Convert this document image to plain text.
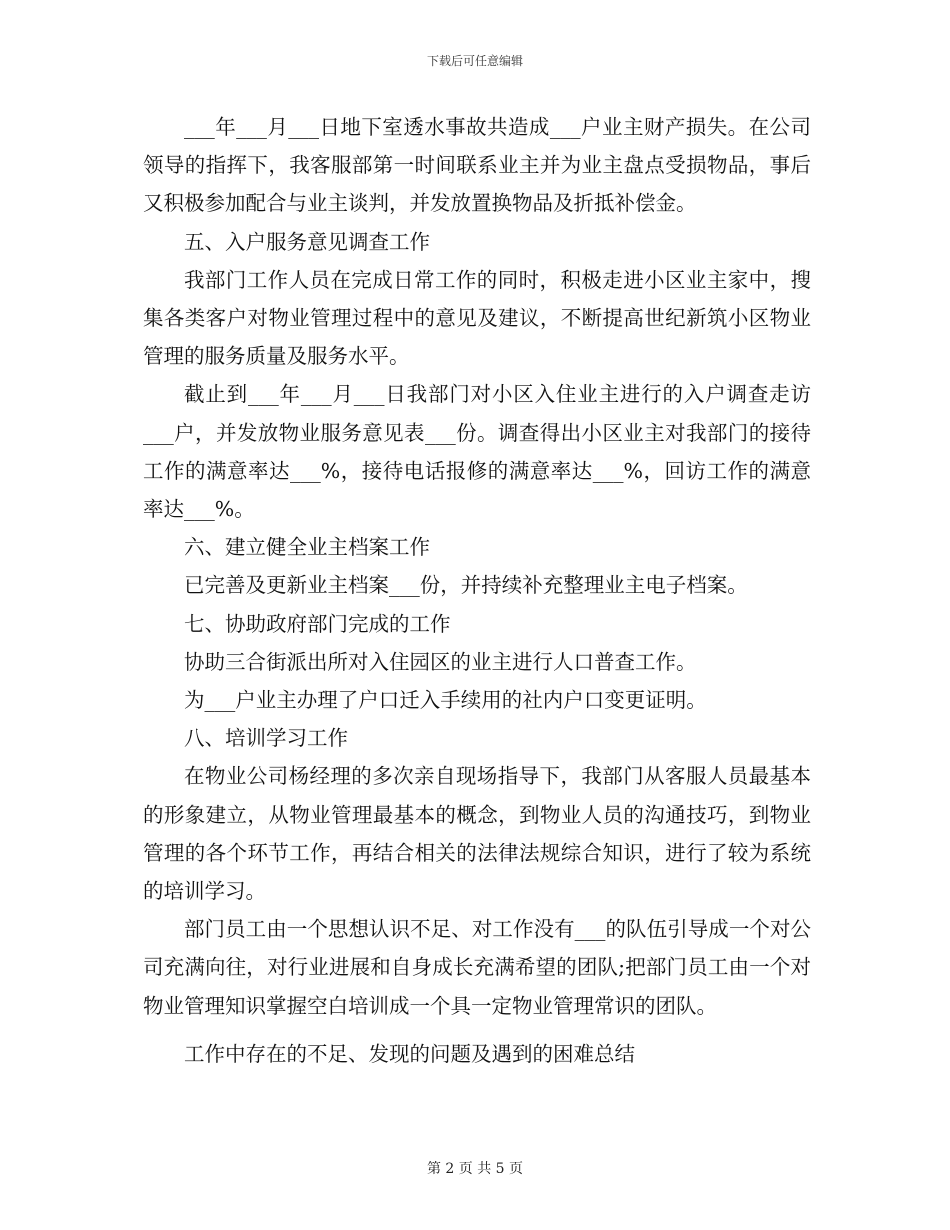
下载后可任意编辑

___年___月___日地下室透水事故共造成___户业主财产损失。在公司领导的指挥下，我客服部第一时间联系业主并为业主盘点受损物品，事后又积极参加配合与业主谈判，并发放置换物品及折抵补偿金。

五、入户服务意见调查工作

我部门工作人员在完成日常工作的同时，积极走进小区业主家中，搜集各类客户对物业管理过程中的意见及建议，不断提高世纪新筑小区物业管理的服务质量及服务水平。

截止到___年___月___日我部门对小区入住业主进行的入户调查走访___户，并发放物业服务意见表___份。调查得出小区业主对我部门的接待工作的满意率达___%，接待电话报修的满意率达___%，回访工作的满意率达___%。

六、建立健全业主档案工作

已完善及更新业主档案___份，并持续补充整理业主电子档案。

七、协助政府部门完成的工作

协助三合街派出所对入住园区的业主进行人口普查工作。

为___户业主办理了户口迁入手续用的社内户口变更证明。

八、培训学习工作

在物业公司杨经理的多次亲自现场指导下，我部门从客服人员最基本的形象建立，从物业管理最基本的概念，到物业人员的沟通技巧，到物业管理的各个环节工作，再结合相关的法律法规综合知识，进行了较为系统的培训学习。

部门员工由一个思想认识不足、对工作没有___的队伍引导成一个对公司充满向往，对行业进展和自身成长充满希望的团队;把部门员工由一个对物业管理知识掌握空白培训成一个具一定物业管理常识的团队。

工作中存在的不足、发现的问题及遇到的困难总结

第 2 页 共 5 页
